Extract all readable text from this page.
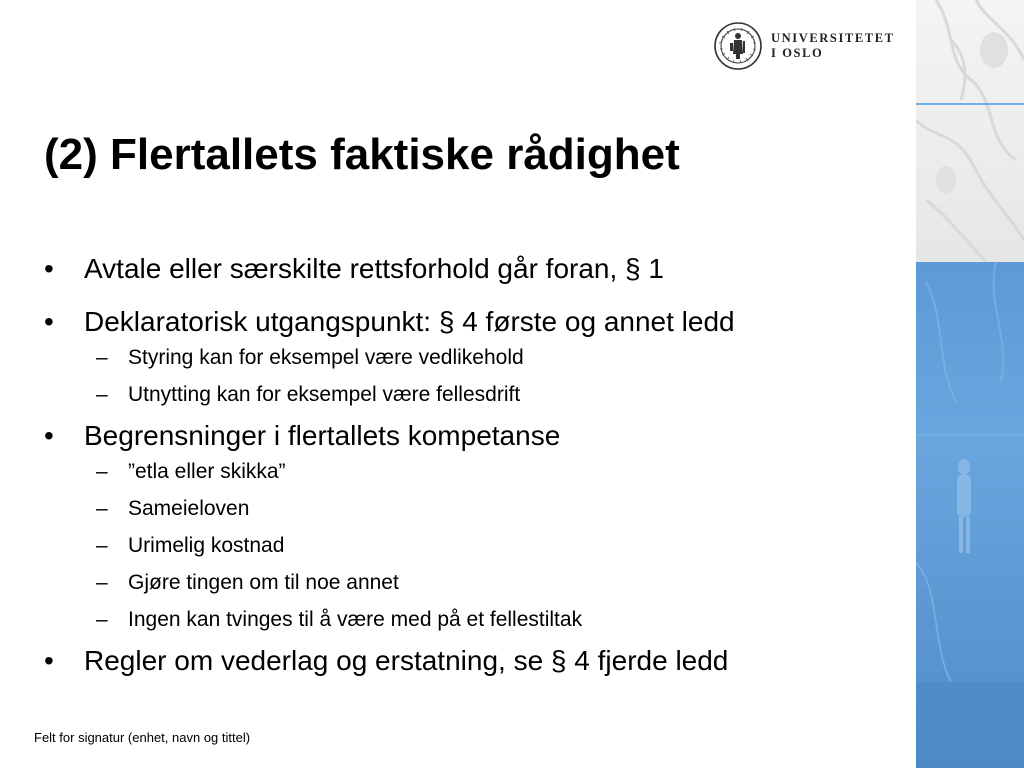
UNIVERSITETET
I OSLO
(2) Flertallets faktiske rådighet
•	Avtale eller særskilte rettsforhold går foran, § 1
•	Deklaratorisk utgangspunkt: § 4 første og annet ledd
– Styring kan for eksempel være vedlikehold
– Utnytting kan for eksempel være fellesdrift
•	Begrensninger i flertallets kompetanse
– ”etla eller skikka”
– Sameieloven
– Urimelig kostnad
– Gjøre tingen om til noe annet
– Ingen kan tvinges til å være med på et fellestiltak
•	Regler om vederlag og erstatning, se § 4 fjerde ledd
Felt for signatur (enhet, navn og tittel)
